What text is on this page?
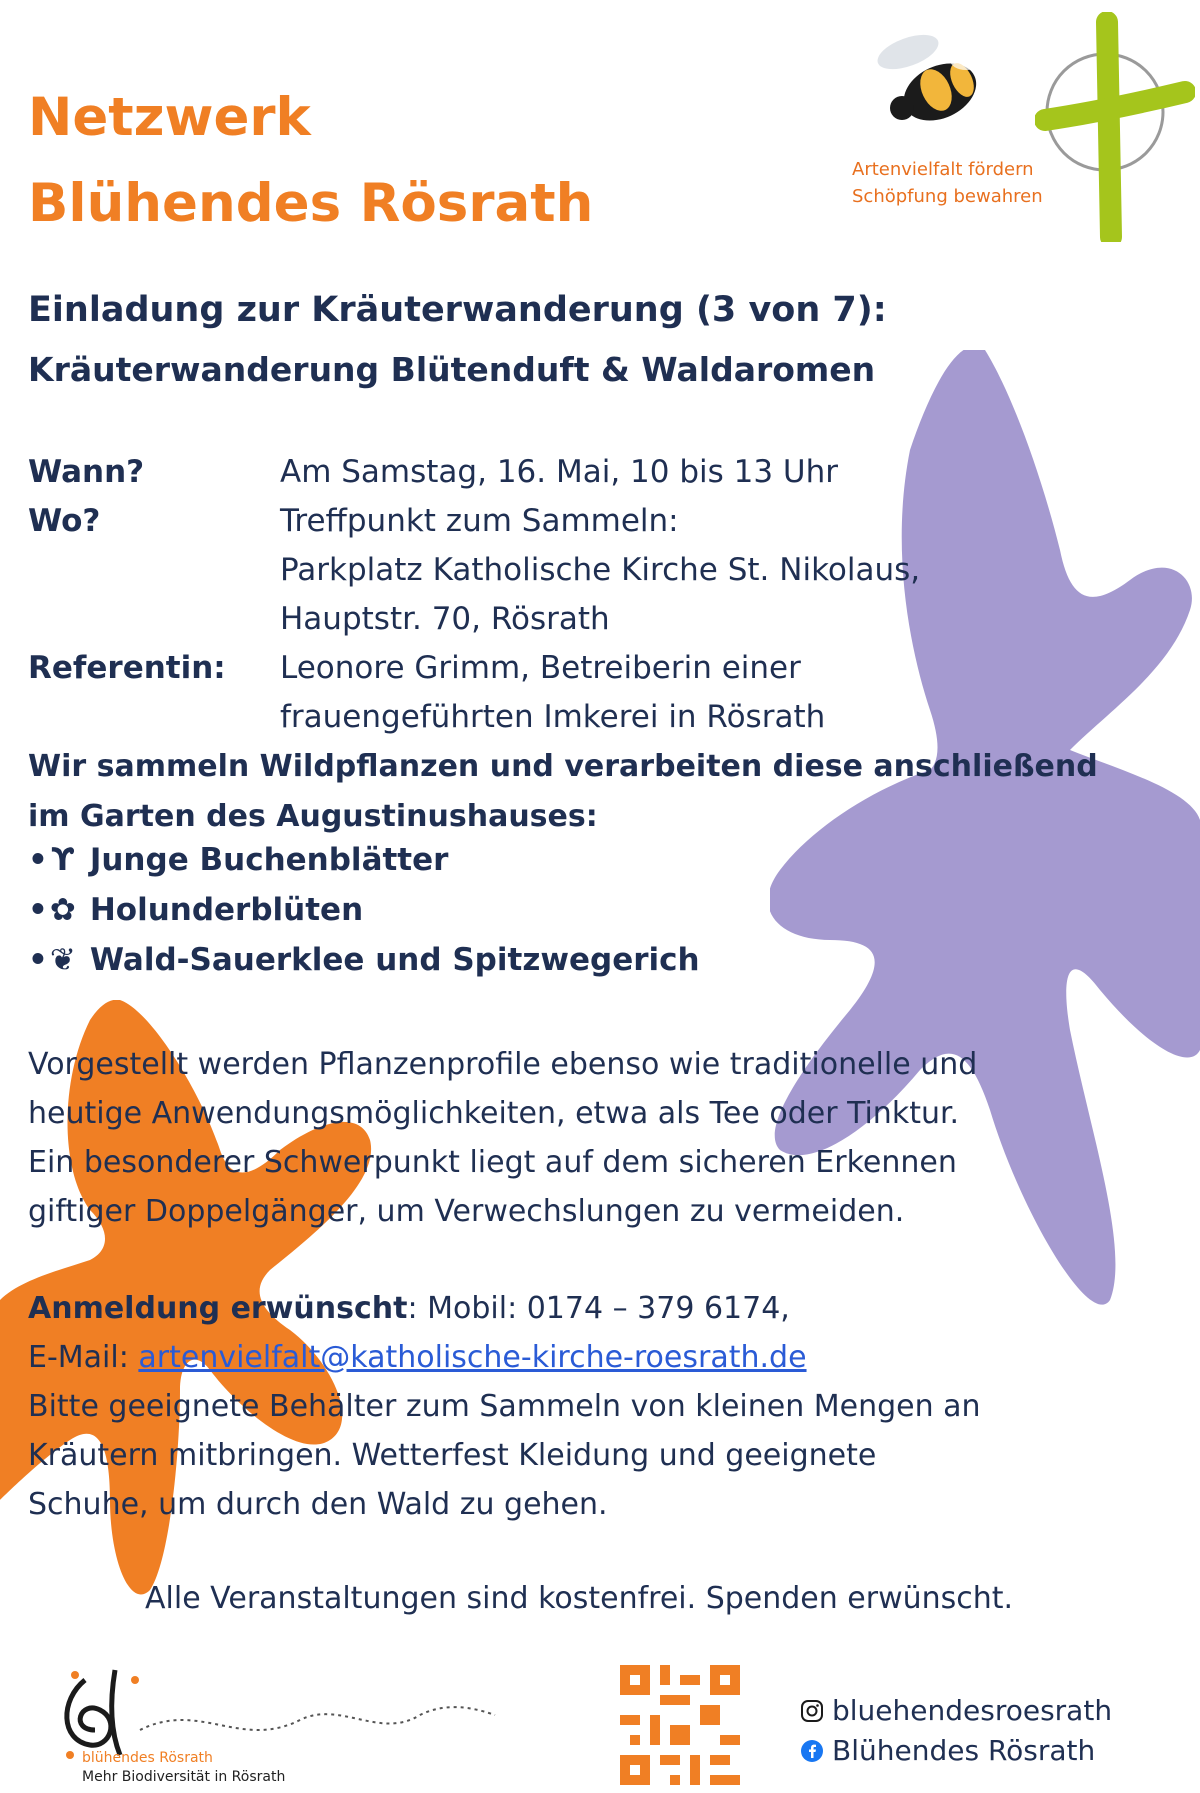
Netzwerk
Blühendes Rösrath
Artenvielfalt fördern
Schöpfung bewahren
Einladung zur Kräuterwanderung (3 von 7):
Kräuterwanderung Blütenduft & Waldaromen
Wann?	Am Samstag, 16. Mai, 10 bis 13 Uhr
Wo?	Treffpunkt zum Sammeln:
Parkplatz Katholische Kirche St. Nikolaus,
Hauptstr. 70, Rösrath
Referentin: Leonore Grimm, Betreiberin einer
frauengeführten Imkerei in Rösrath
Wir sammeln Wildpflanzen und verarbeiten diese anschließend
im Garten des Augustinushauses:
• ϒ Junge Buchenblätter
•✿ Holunderblüten
•❦ Wald-Sauerklee und Spitzwegerich
Vorgestellt werden Pflanzenprofile ebenso wie traditionelle und
heutige Anwendungsmöglichkeiten, etwa als Tee oder Tinktur.
Ein besonderer Schwerpunkt liegt auf dem sicheren Erkennen
giftiger Doppelgänger, um Verwechslungen zu vermeiden.
Anmeldung erwünscht: Mobil: 0174 – 379 6174,
E-Mail: artenvielfalt@katholische-kirche-roesrath.de
Bitte geeignete Behälter zum Sammeln von kleinen Mengen an
Kräutern mitbringen. Wetterfest Kleidung und geeignete
Schuhe, um durch den Wald zu gehen.
Alle Veranstaltungen sind kostenfrei. Spenden erwünscht.
blühendes Rösrath
Mehr Biodiversität in Rösrath
bluehendesroesrath
Blühendes Rösrath
